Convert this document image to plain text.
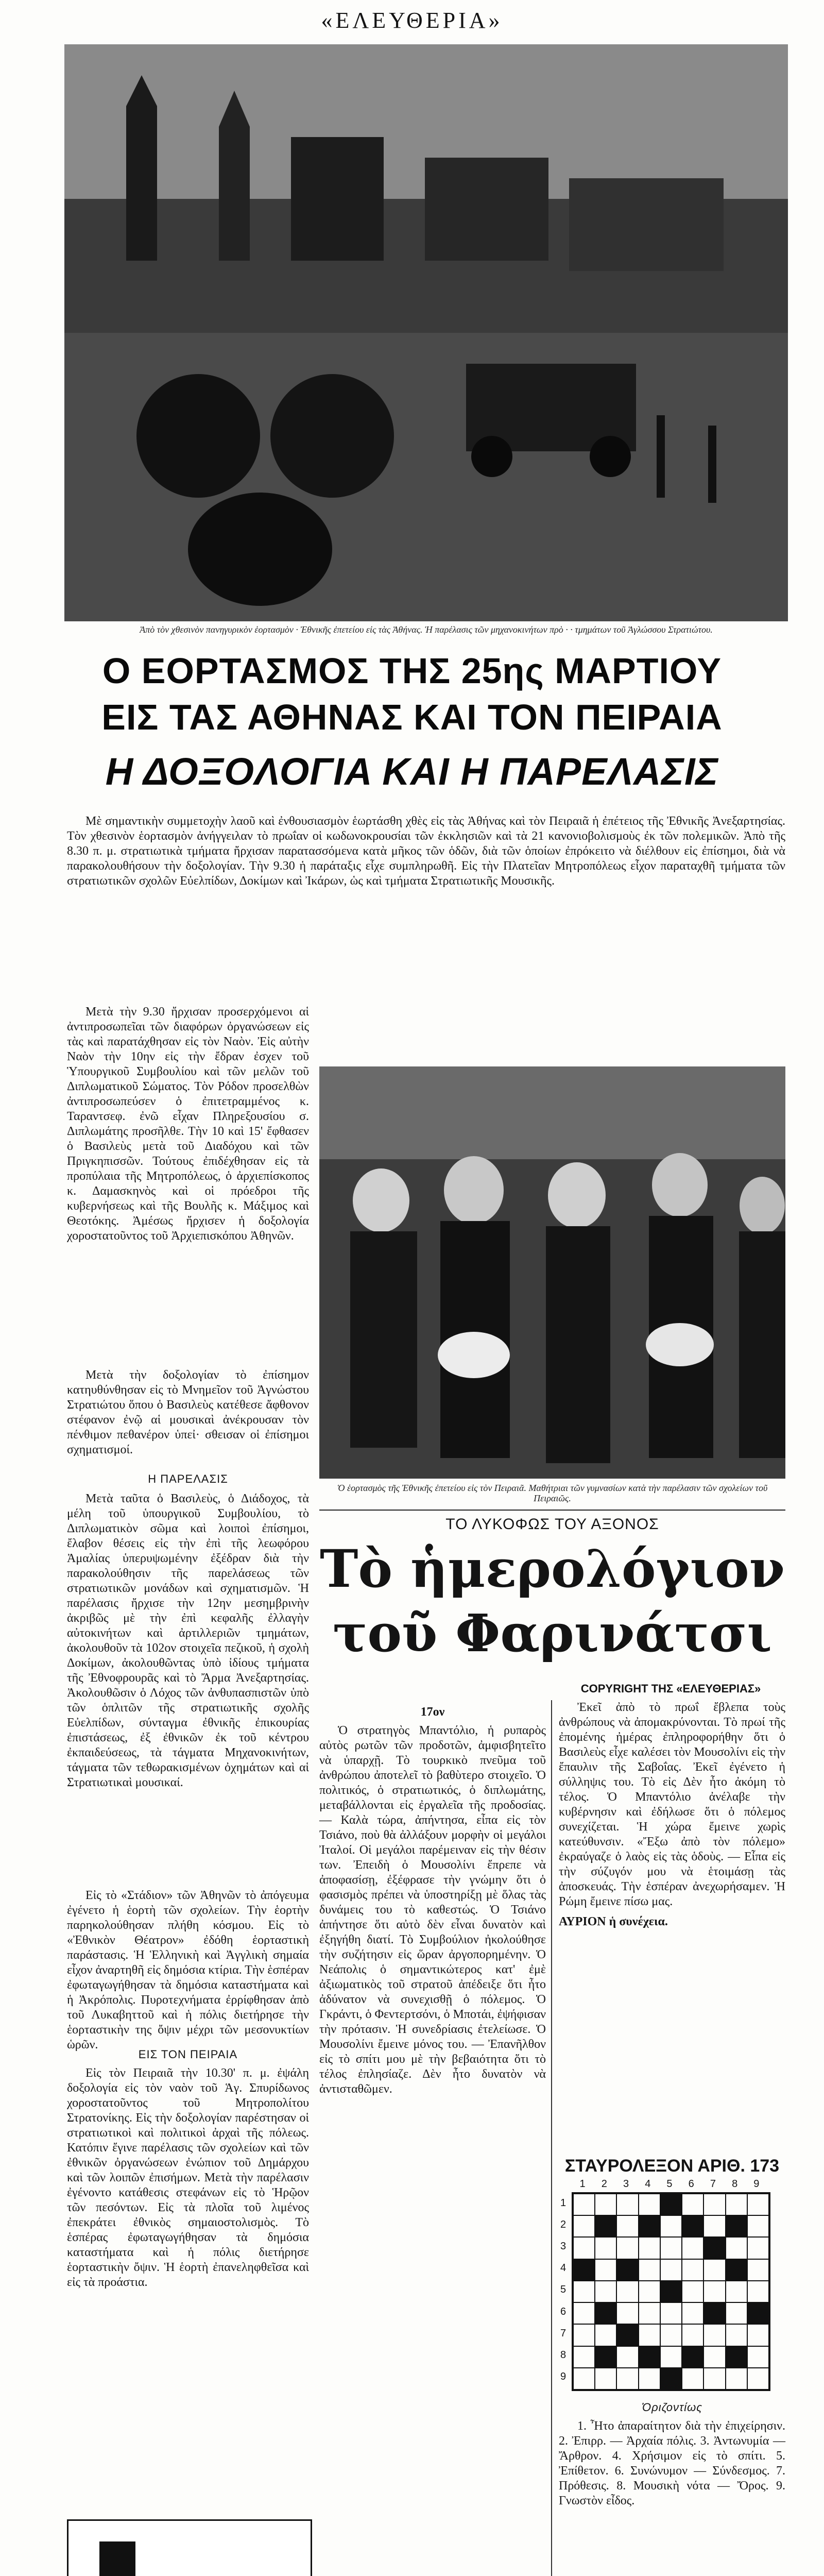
«ΕΛΕΥΘΕΡΙΑ»
Ἀπὸ τὸν χθεσινὸν πανηγυρικὸν ἑορτασμὸν · Ἐθνικῆς ἐπετείου εἰς τὰς Ἀθήνας. Ἡ παρέλασις τῶν μηχανοκινήτων πρὸ · · τμημάτων τοῦ Ἀγλώσσου Στρατιώτου.
Ο ΕΟΡΤΑΣΜΟΣ ΤΗΣ 25ης ΜΑΡΤΙΟΥ
ΕΙΣ ΤΑΣ ΑΘΗΝΑΣ ΚΑΙ ΤΟΝ ΠΕΙΡΑΙΑ
Η ΔΟΞΟΛΟΓΙΑ ΚΑΙ Η ΠΑΡΕΛΑΣΙΣ

Μὲ σημαντικὴν συμμετοχὴν λαοῦ καὶ ἐνθουσιασμὸν ἑωρτάσθη χθὲς εἰς τὰς Ἀθήνας καὶ τὸν Πειραιᾶ ἡ ἐπέτειος τῆς Ἐθνικῆς Ἀνεξαρτησίας. Τὸν χθεσινὸν ἑορτασμὸν ἀνήγγειλαν τὸ πρωΐαν οἱ κωδωνοκρουσίαι τῶν ἐκκλησιῶν καὶ τὰ 21 κανονιοβολισμοὺς ἐκ τῶν πολεμικῶν. Ἀπὸ τῆς 8.30 π. μ. στρατιωτικὰ τμήματα ἤρχισαν παρατασσόμενα κατὰ μῆκος τῶν ὁδῶν, διὰ τῶν ὁποίων ἐπρόκειτο νὰ διέλθουν εἰς ἐπίσημοι, διὰ νὰ παρακολουθήσουν τὴν δοξολογίαν. Τὴν 9.30 ἡ παράταξις εἶχε συμπληρωθῆ. Εἰς τὴν Πλατεῖαν Μητροπόλεως εἶχον παραταχθῆ τμήματα τῶν στρατιωτικῶν σχολῶν Εὐελπίδων, Δοκίμων καὶ Ἰκάρων, ὡς καὶ τμήματα Στρατιωτικῆς Μουσικῆς.

Μετὰ τὴν 9.30 ἤρχισαν προσερχόμενοι αἱ ἀντιπροσωπεῖαι τῶν διαφόρων ὀργανώσεων εἰς τὰς καὶ παρατάχθησαν εἰς τὸν Ναὸν. Ἐἰς αὐτὴν Ναὸν τὴν 10ην εἰς τὴν ἔδραν ἐσχεν τοῦ Ὑπουργικοῦ Συμβουλίου καὶ τῶν μελῶν τοῦ Διπλωματικοῦ Σώματος. Τὸν Ρόδον προσελθὼν ἀντιπροσωπεύσεν ὁ ἐπιτετραμμένος κ. Ταραντσεφ. ἐνῶ εἶχαν Πληρεξουσίου σ. Διπλωμάτης προσῆλθε. Τὴν 10 καὶ 15' ἔφθασεν ὁ Βασιλεὺς μετὰ τοῦ Διαδόχου καὶ τῶν Πριγκηπισσῶν. Τούτους ἐπιδέχθησαν εἰς τὰ προπύλαια τῆς Μητροπόλεως, ὁ ἀρχιεπίσκοπος κ. Δαμασκηνὸς καὶ οἱ πρόεδροι τῆς κυβερνήσεως καὶ τῆς Βουλῆς κ. Μάξιμος καὶ Θεοτόκης. Ἀμέσως ἤρχισεν ἡ δοξολογία χοροστατοῦντος τοῦ Ἀρχιεπισκόπου Ἀθηνῶν.

Μετὰ τὴν δοξολογίαν τὸ ἐπίσημον κατηυθύνθησαν εἰς τὸ Μνημεῖον τοῦ Ἀγνώστου Στρατιώτου ὅπου ὁ Βασιλεὺς κατέθεσε ἄφθονον στέφανον ἐνῷ αἱ μουσικαὶ ἀνέκρουσαν τὸν πένθιμον πεθανέρον ὑπεἰ· σθεισαν οἱ ἐπίσημοι σχηματισμοί.

Η ΠΑΡΕΛΑΣΙΣ

Μετὰ ταῦτα ὁ Βασιλεὺς, ὁ Διάδοχος, τὰ μέλη τοῦ ὑπουργικοῦ Συμβουλίου, τὸ Διπλωματικὸν σῶμα καὶ λοιποὶ ἐπίσημοι, ἔλαβον θέσεις εἰς τὴν ἐπὶ τῆς λεωφόρου Ἀμαλίας ὑπερυψωμένην ἐξέδραν διὰ τὴν παρακολούθησιν τῆς παρελάσεως τῶν στρατιωτικῶν μονάδων καὶ σχηματισμῶν. Ἡ παρέλασις ἤρχισε τὴν 12ην μεσημβρινὴν ἀκριβῶς μὲ τὴν ἐπὶ κεφαλῆς ἐλλαγὴν αὐτοκινήτων καὶ ἀρτιλλεριῶν τμημάτων, ἀκολουθοῦν τὰ 102ον στοιχεῖα πεζικοῦ, ἡ σχολὴ Δοκίμων, ἀκολουθῶντας ὑπὸ ἰδίους τμήματα τῆς Ἐθνοφρουρᾶς καὶ τὸ Ἄρμα Ἀνεξαρτησίας. Ἀκολουθῶσιν ὁ Λόχος τῶν ἀνθυπασπιστῶν ὑπὸ τῶν ὁπλιτῶν τῆς στρατιωτικῆς σχολῆς Εὐελπίδων, σύνταγμα ἐθνικῆς ἐπικουρίας ἐπιστάσεως, ἐξ ἐθνικῶν ἐκ τοῦ κέντρου ἐκπαιδεύσεως, τὰ τάγματα Μηχανοκινήτων, τάγματα τῶν τεθωρακισμένων ὀχημάτων καὶ αἱ Στρατιωτικαὶ μουσικαί.

Εἰς τὸ «Στάδιον» τῶν Ἀθηνῶν τὸ ἀπόγευμα ἐγένετο ἡ ἑορτὴ τῶν σχολείων. Τὴν ἑορτὴν παρηκολούθησαν πλήθη κόσμου. Εἰς τὸ «Ἐθνικὸν Θέατρον» ἐδόθη ἑορταστικὴ παράστασις. Ἡ Ἑλληνικὴ καὶ Ἀγγλικὴ σημαία εἶχον ἀναρτηθῆ εἰς δημόσια κτίρια. Τὴν ἑσπέραν ἐφωταγωγήθησαν τὰ δημόσια καταστήματα καὶ ἡ Ἀκρόπολις. Πυροτεχνήματα ἐρρίφθησαν ἀπὸ τοῦ Λυκαβηττοῦ καὶ ἡ πόλις διετήρησε τὴν ἑορταστικὴν της ὄψιν μέχρι τῶν μεσονυκτίων ὡρῶν.

ΕΙΣ ΤΟΝ ΠΕΙΡΑΙΑ

Εἰς τὸν Πειραιᾶ τὴν 10.30' π. μ. ἐψάλη δοξολογία εἰς τὸν ναὸν τοῦ Ἁγ. Σπυρίδωνος χοροστατοῦντος τοῦ Μητροπολίτου Στρατονίκης. Εἰς τὴν δοξολογίαν παρέστησαν οἱ στρατιωτικοὶ καὶ πολιτικοὶ ἀρχαὶ τῆς πόλεως. Κατόπιν ἔγινε παρέλασις τῶν σχολείων καὶ τῶν ἐθνικῶν ὀργανώσεων ἐνώπιον τοῦ Δημάρχου καὶ τῶν λοιπῶν ἐπισήμων. Μετὰ τὴν παρέλασιν ἐγένοντο κατάθεσις στεφάνων εἰς τὸ Ἡρῷον τῶν πεσόντων. Εἰς τὰ πλοῖα τοῦ λιμένος ἐπεκράτει ἐθνικὸς σημαιοστολισμὸς. Τὸ ἑσπέρας ἐφωταγωγήθησαν τὰ δημόσια καταστήματα καὶ ἡ πόλις διετήρησε ἑορταστικὴν ὄψιν. Ἡ ἑορτὴ ἐπανεληφθεῖσα καὶ εἰς τὰ προάστια.

Ὁ ἑορτασμὸς τῆς Ἐθνικῆς ἐπετείου εἰς τὸν Πειραιᾶ. Μαθήτριαι τῶν γυμνασίων κατὰ τὴν παρέλασιν τῶν σχολείων τοῦ Πειραιῶς.
ΤΟ ΛΥΚΟΦΩΣ ΤΟΥ ΑΞΟΝΟΣ
Τὸ ἡμερολόγιον
τοῦ Φαρινάτσι
COPYRIGHT ΤΗΣ «ΕΛΕΥΘΕΡΙΑΣ»
17ον

Ὁ στρατηγὸς Μπαντόλιο, ἡ ρυπαρὸς αὐτὸς ρωτῶν τῶν προδοτῶν, ἀμφισβητεῖτο νὰ ὑπαρχῇ. Τὸ τουρκικὸ πνεῦμα τοῦ ἀνθρώπου ἀποτελεῖ τὸ βαθὺτερο στοιχεῖο. Ὁ πολιτικός, ὁ στρατιωτικός, ὁ διπλωμάτης, μεταβάλλονται εἰς ἐργαλεῖα τῆς προδοσίας. — Καλὰ τώρα, ἀπήντησα, εἶπα εἰς τὸν Τσιάνο, ποὺ θὰ ἀλλάξουν μορφὴν οἱ μεγάλοι Ἰταλοί. Οἱ μεγάλοι παρέμειναν εἰς τὴν θέσιν των. Ἐπειδὴ ὁ Μουσολίνι ἔπρεπε νὰ ἀποφασίσῃ, ἐξέφρασε τὴν γνώμην ὅτι ὁ φασισμὸς πρέπει νὰ ὑποστηρίξῃ μὲ ὅλας τὰς δυνάμεις του τὸ καθεστώς. Ὁ Τσιάνο ἀπήντησε ὅτι αὐτὸ δὲν εἶναι δυνατὸν καὶ ἐξηγήθη διατί. Τὸ Συμβούλιον ἠκολούθησε τὴν συζήτησιν εἰς ὥραν ἀργοπορημένην. Ὁ Νεάπολις ὁ σημαντικώτερος κατ' ἐμὲ ἀξιωματικὸς τοῦ στρατοῦ ἀπέδειξε ὅτι ἦτο ἀδύνατον νὰ συνεχισθῇ ὁ πόλεμος. Ὁ Γκράντι, ὁ Φεντερτσόνι, ὁ Μποτάι, ἐψήφισαν τὴν πρότασιν. Ἡ συνεδρίασις ἐτελείωσε. Ὁ Μουσολίνι ἔμεινε μόνος του. — Ἐπανῆλθον εἰς τὸ σπίτι μου μὲ τὴν βεβαιότητα ὅτι τὸ τέλος ἐπλησίαζε. Δὲν ἦτο δυνατὸν νὰ ἀντισταθῶμεν.

Ἐκεῖ ἀπὸ τὸ πρωΐ ἔβλεπα τοὺς ἀνθρώπους νὰ ἀπομακρύνονται. Τὸ πρωί τῆς ἐπομένης ἠμέρας ἐπληροφορήθην ὅτι ὁ Βασιλεὺς εἶχε καλέσει τὸν Μουσολίνι εἰς τὴν ἔπαυλιν τῆς Σαβοΐας. Ἐκεῖ ἐγένετο ἡ σύλληψις του. Τὸ εἰς Δὲν ἦτο ἀκόμη τὸ τέλος. Ὁ Μπαντόλιο ἀνέλαβε τὴν κυβέρνησιν καὶ ἐδήλωσε ὅτι ὁ πόλεμος συνεχίζεται. Ἡ χώρα ἔμεινε χωρὶς κατεύθυνσιν. «Ἔξω ἀπὸ τὸν πόλεμο» ἐκραύγαζε ὁ λαὸς εἰς τὰς ὁδοὺς. — Εἶπα εἰς τὴν σύζυγόν μου νὰ ἑτοιμάσῃ τὰς ἀποσκευάς. Τὴν ἑσπέραν ἀνεχωρήσαμεν. Ἡ Ρώμη ἔμεινε πίσω μας.

ΑΥΡΙΟΝ ἡ συνέχεια.

ΣΤΑΥΡΟΛΕΞΟΝ ΑΡΙΘ. 173
1	2	3	4	5	6	7	8	9
1
2
3
4
5
6
7
8
9
Ὁριζοντίως

1. Ἦτο ἀπαραίτητον διὰ τὴν ἐπιχείρησιν. 2. Ἐπιρρ. — Ἀρχαία πόλις. 3. Ἀντωνυμία — Ἄρθρον. 4. Χρήσιμον εἰς τὸ σπίτι. 5. Ἐπίθετον. 6. Συνώνυμον — Σύνδεσμος. 7. Πρόθεσις. 8. Μουσικὴ νότα — Ὄρος. 9. Γνωστὸν εἶδος.
